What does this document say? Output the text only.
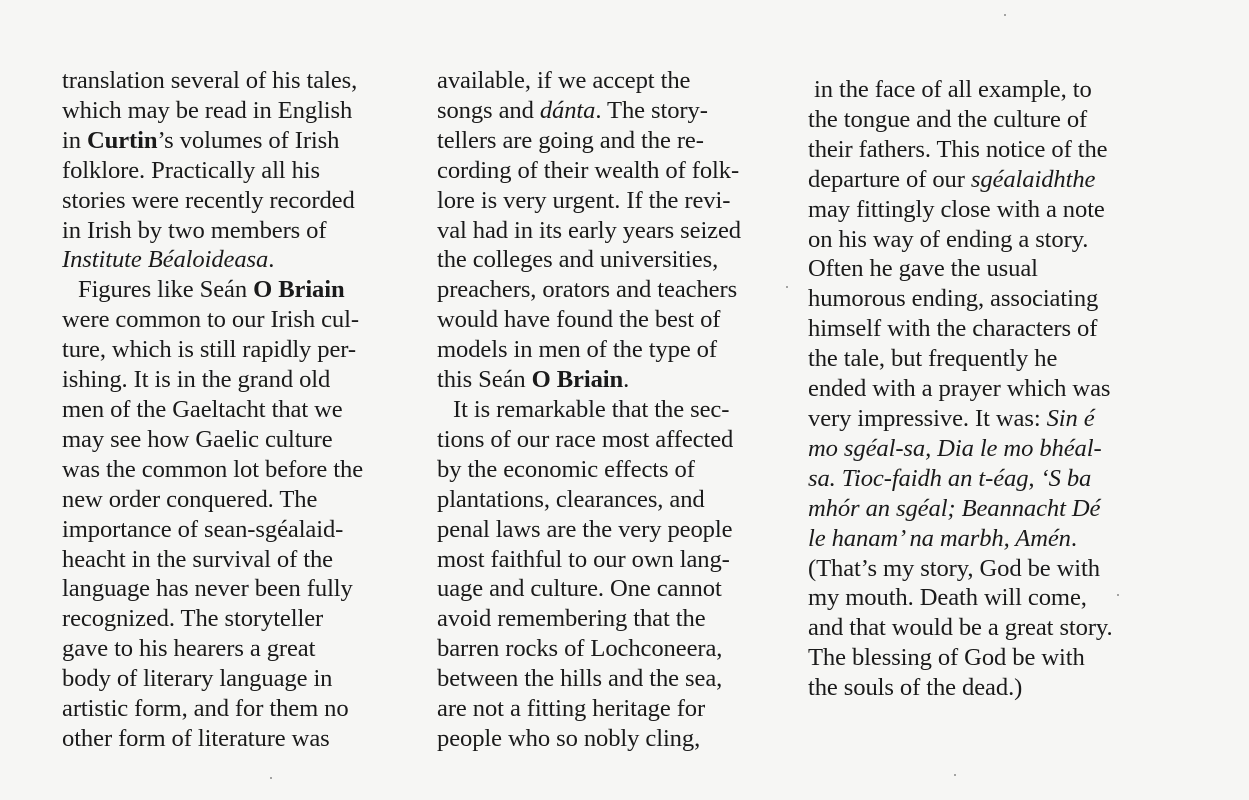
translation several of his tales,
which may be read in English
in Curtin’s volumes of Irish
folklore. Practically all his
stories were recently recorded
in Irish by two members of
Institute Béaloideasa.
Figures like Seán O Briain
were common to our Irish cul-
ture, which is still rapidly per-
ishing. It is in the grand old
men of the Gaeltacht that we
may see how Gaelic culture
was the common lot before the
new order conquered. The
importance of sean-sgéalaid-
heacht in the survival of the
language has never been fully
recognized. The storyteller
gave to his hearers a great
body of literary language in
artistic form, and for them no
other form of literature was
available, if we accept the
songs and dánta. The story-
tellers are going and the re-
cording of their wealth of folk-
lore is very urgent. If the revi-
val had in its early years seized
the colleges and universities,
preachers, orators and teachers
would have found the best of
models in men of the type of
this Seán O Briain.
It is remarkable that the sec-
tions of our race most affected
by the economic effects of
plantations, clearances, and
penal laws are the very people
most faithful to our own lang-
uage and culture. One cannot
avoid remembering that the
barren rocks of Lochconeera,
between the hills and the sea,
are not a fitting heritage for
people who so nobly cling,
in the face of all example, to
the tongue and the culture of
their fathers. This notice of the
departure of our sgéalaidhthe
may fittingly close with a note
on his way of ending a story.
Often he gave the usual
humorous ending, associating
himself with the characters of
the tale, but frequently he
ended with a prayer which was
very impressive. It was: Sin é
mo sgéal-sa, Dia le mo bhéal-
sa. Tioc-faidh an t-éag, ‘S ba
mhór an sgéal; Beannacht Dé
le hanam’ na marbh, Amén.
(That’s my story, God be with
my mouth. Death will come,
and that would be a great story.
The blessing of God be with
the souls of the dead.)
